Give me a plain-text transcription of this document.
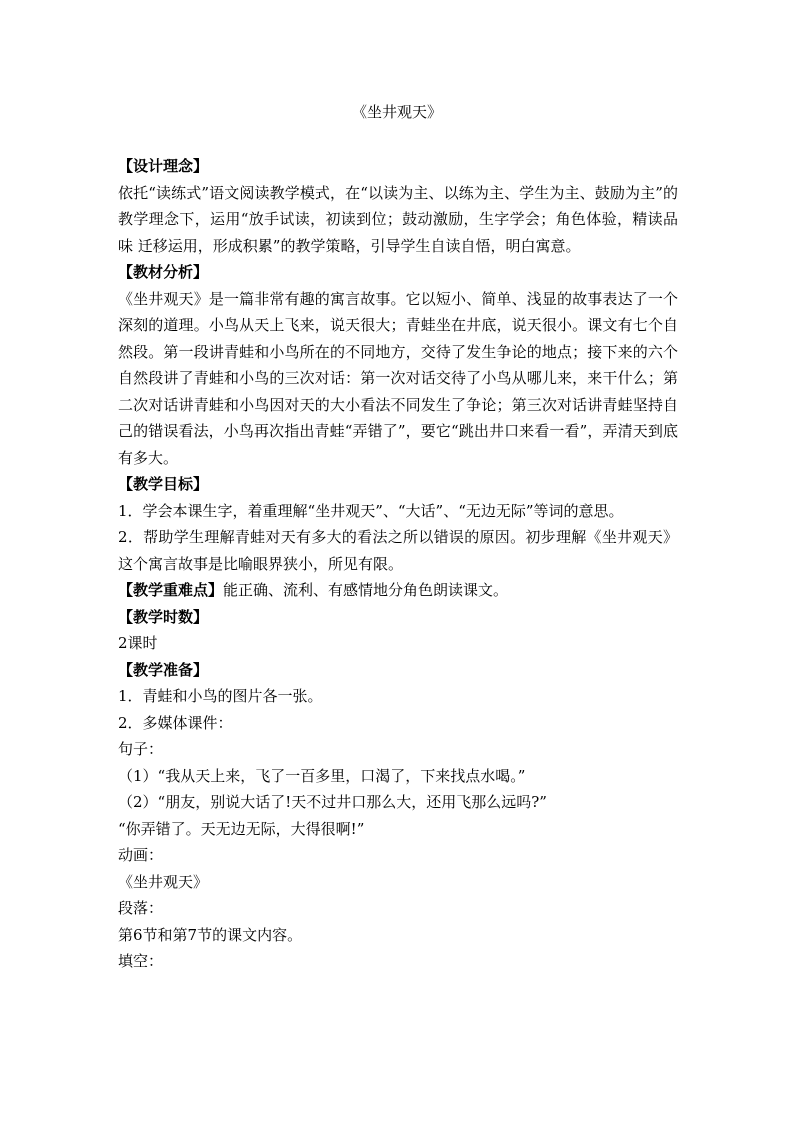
《坐井观天》

【设计理念】

依托“读练式”语文阅读教学模式，在“以读为主、以练为主、学生为主、鼓励为主”的教学理念下，运用“放手试读，初读到位；鼓动激励，生字学会；角色体验，精读品味 迁移运用，形成积累”的教学策略，引导学生自读自悟，明白寓意。

【教材分析】

《坐井观天》是一篇非常有趣的寓言故事。它以短小、简单、浅显的故事表达了一个深刻的道理。小鸟从天上飞来，说天很大；青蛙坐在井底，说天很小。课文有七个自然段。第一段讲青蛙和小鸟所在的不同地方，交待了发生争论的地点；接下来的六个自然段讲了青蛙和小鸟的三次对话：第一次对话交待了小鸟从哪儿来，来干什么；第二次对话讲青蛙和小鸟因对天的大小看法不同发生了争论；第三次对话讲青蛙坚持自己的错误看法，小鸟再次指出青蛙“弄错了”，要它“跳出井口来看一看”，弄清天到底有多大。

【教学目标】

1．学会本课生字，着重理解“坐井观天”、“大话”、“无边无际”等词的意思。

2．帮助学生理解青蛙对天有多大的看法之所以错误的原因。初步理解《坐井观天》这个寓言故事是比喻眼界狭小，所见有限。

【教学重难点】能正确、流利、有感情地分角色朗读课文。

【教学时数】

2课时

【教学准备】

1．青蛙和小鸟的图片各一张。

2．多媒体课件：

句子：

（1）“我从天上来，飞了一百多里，口渴了，下来找点水喝。”

（2）“朋友，别说大话了!天不过井口那么大，还用飞那么远吗?”

“你弄错了。天无边无际，大得很啊!”

动画：

《坐井观天》

段落：

第6节和第7节的课文内容。

填空：
